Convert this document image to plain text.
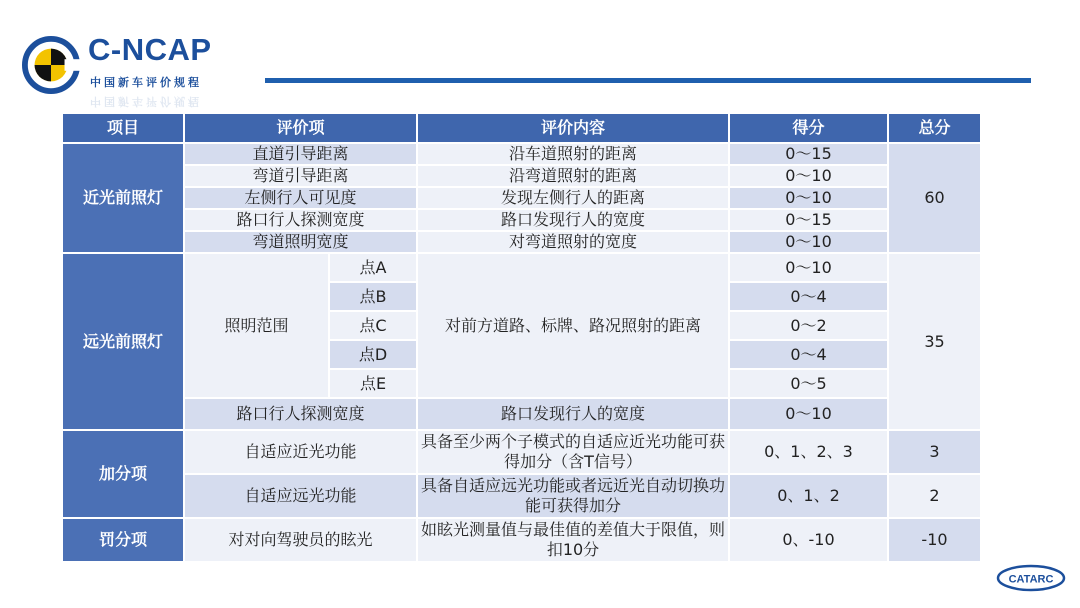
C-NCAP
中国新车评价规程
中国新车评价规程
项目	评价项		评价内容	得分	总分
近光前照灯	直道引导距离		沿车道照射的距离	0～15	60
	弯道引导距离		沿弯道照射的距离	0～10	
	左侧行人可见度		发现左侧行人的距离	0～10	
	路口行人探测宽度		路口发现行人的宽度	0～15	
	弯道照明宽度		对弯道照射的宽度	0～10	
远光前照灯	照明范围	点A	对前方道路、标牌、路况照射的距离	0～10	35
		点B		0～4	
		点C		0～2	
		点D		0～4	
		点E		0～5	
	路口行人探测宽度		路口发现行人的宽度	0～10	
加分项	自适应近光功能		具备至少两个子模式的自适应近光功能可获得加分（含T信号）	0、1、2、3	3
	自适应远光功能		具备自适应远光功能或者远近光自动切换功能可获得加分	0、1、2	2
罚分项	对对向驾驶员的眩光		如眩光测量值与最佳值的差值大于限值，则扣10分	0、-10	-10
CATARC
